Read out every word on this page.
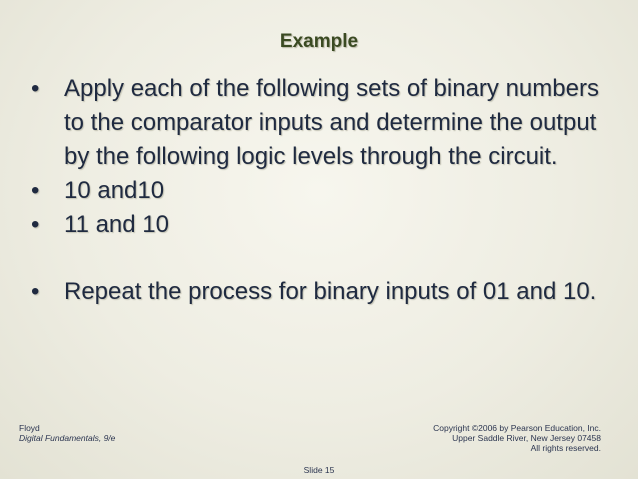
Example
• Apply each of the following sets of binary numbers to the comparator inputs and determine the output by the following logic levels through the circuit.
• 10 and10
• 11 and 10
• Repeat the process for binary inputs of 01 and 10.
Floyd
Digital Fundamentals, 9/e
Copyright ©2006 by Pearson Education, Inc.
Upper Saddle River, New Jersey 07458
All rights reserved.
Slide 15
